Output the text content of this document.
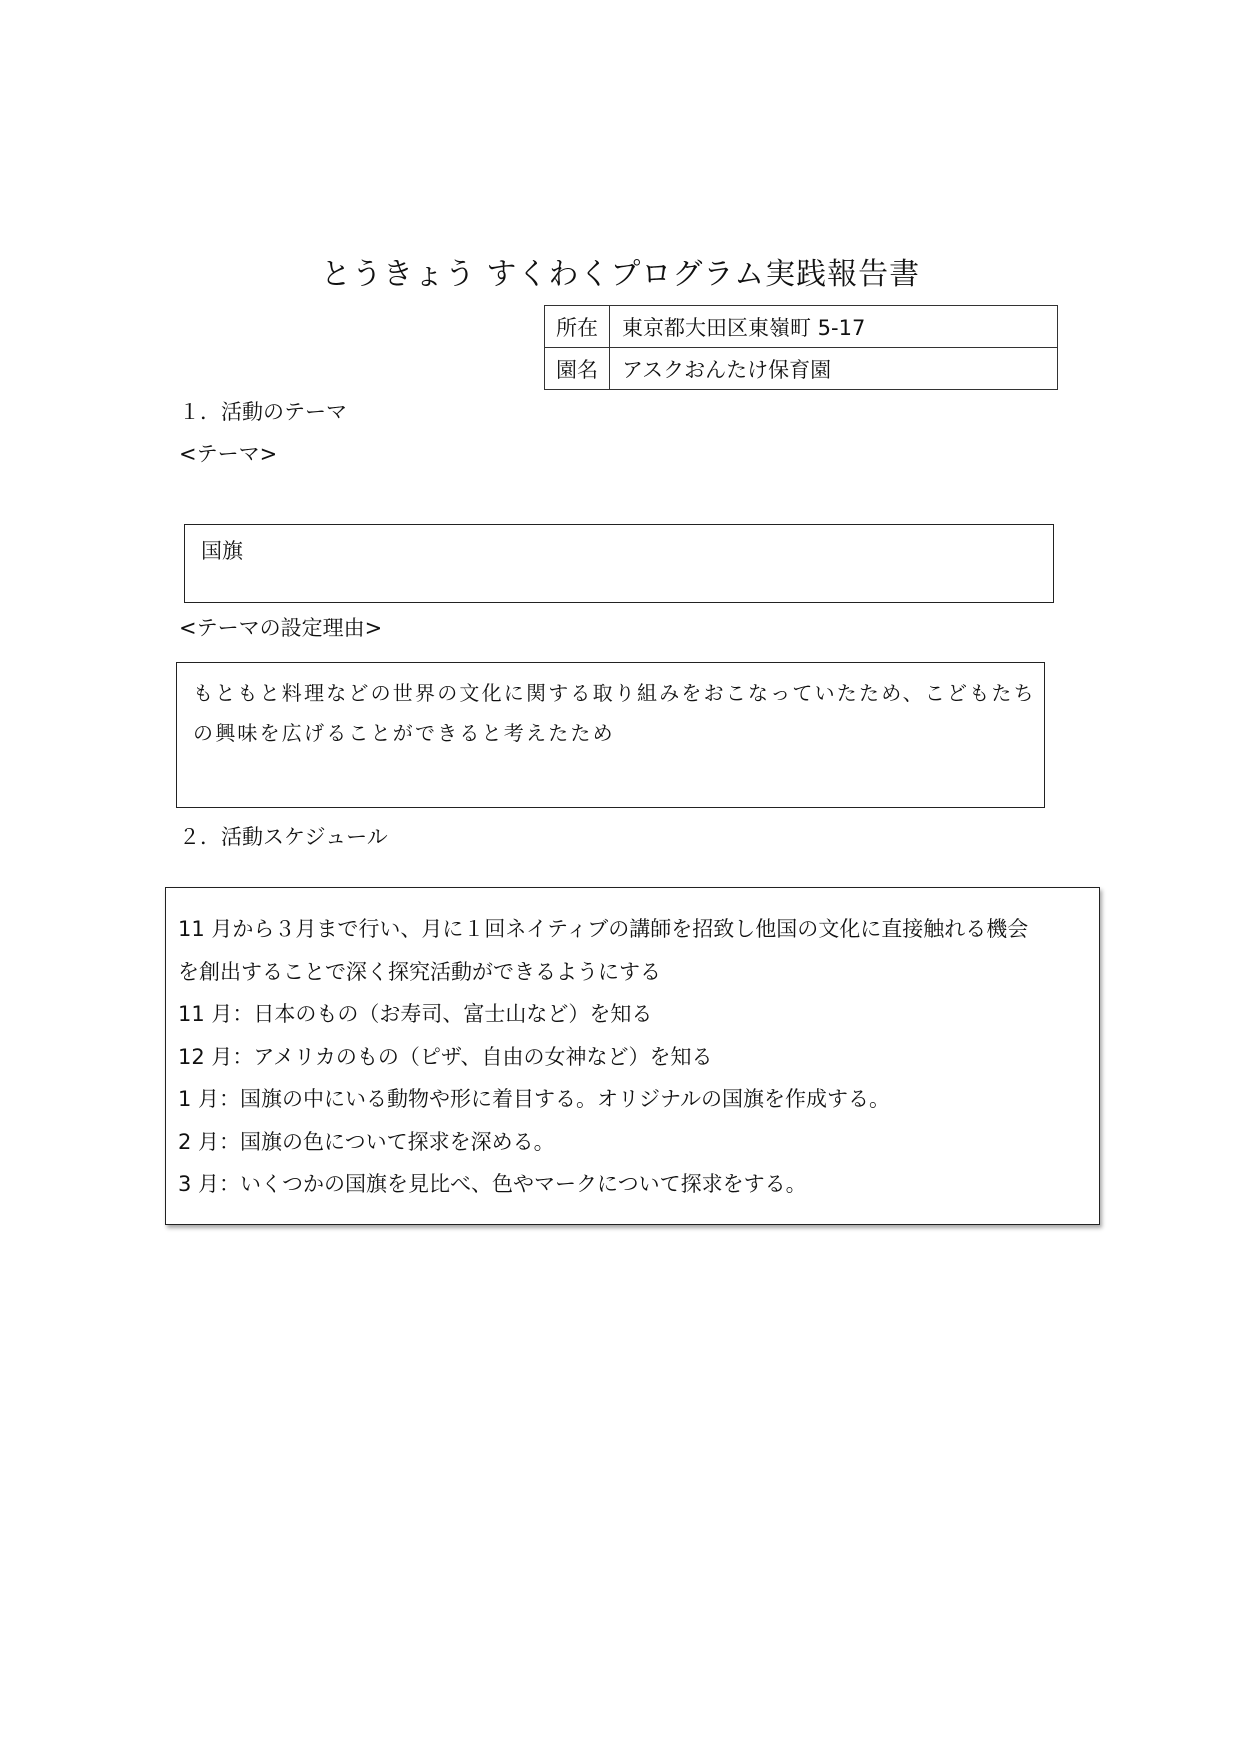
とうきょう すくわくプログラム実践報告書
所在	東京都大田区東嶺町 5-17
園名	アスクおんたけ保育園
１．活動のテーマ
<テーマ>
国旗
<テーマの設定理由>
もともと料理などの世界の文化に関する取り組みをおこなっていたため、こどもたち
の興味を広げることができると考えたため
２．活動スケジュール
11 月から３月まで行い、月に１回ネイティブの講師を招致し他国の文化に直接触れる機会
を創出することで深く探究活動ができるようにする
11 月：日本のもの（お寿司、富士山など）を知る
12 月：アメリカのもの（ピザ、自由の女神など）を知る
1 月：国旗の中にいる動物や形に着目する。オリジナルの国旗を作成する。
2 月：国旗の色について探求を深める。
3 月：いくつかの国旗を見比べ、色やマークについて探求をする。
